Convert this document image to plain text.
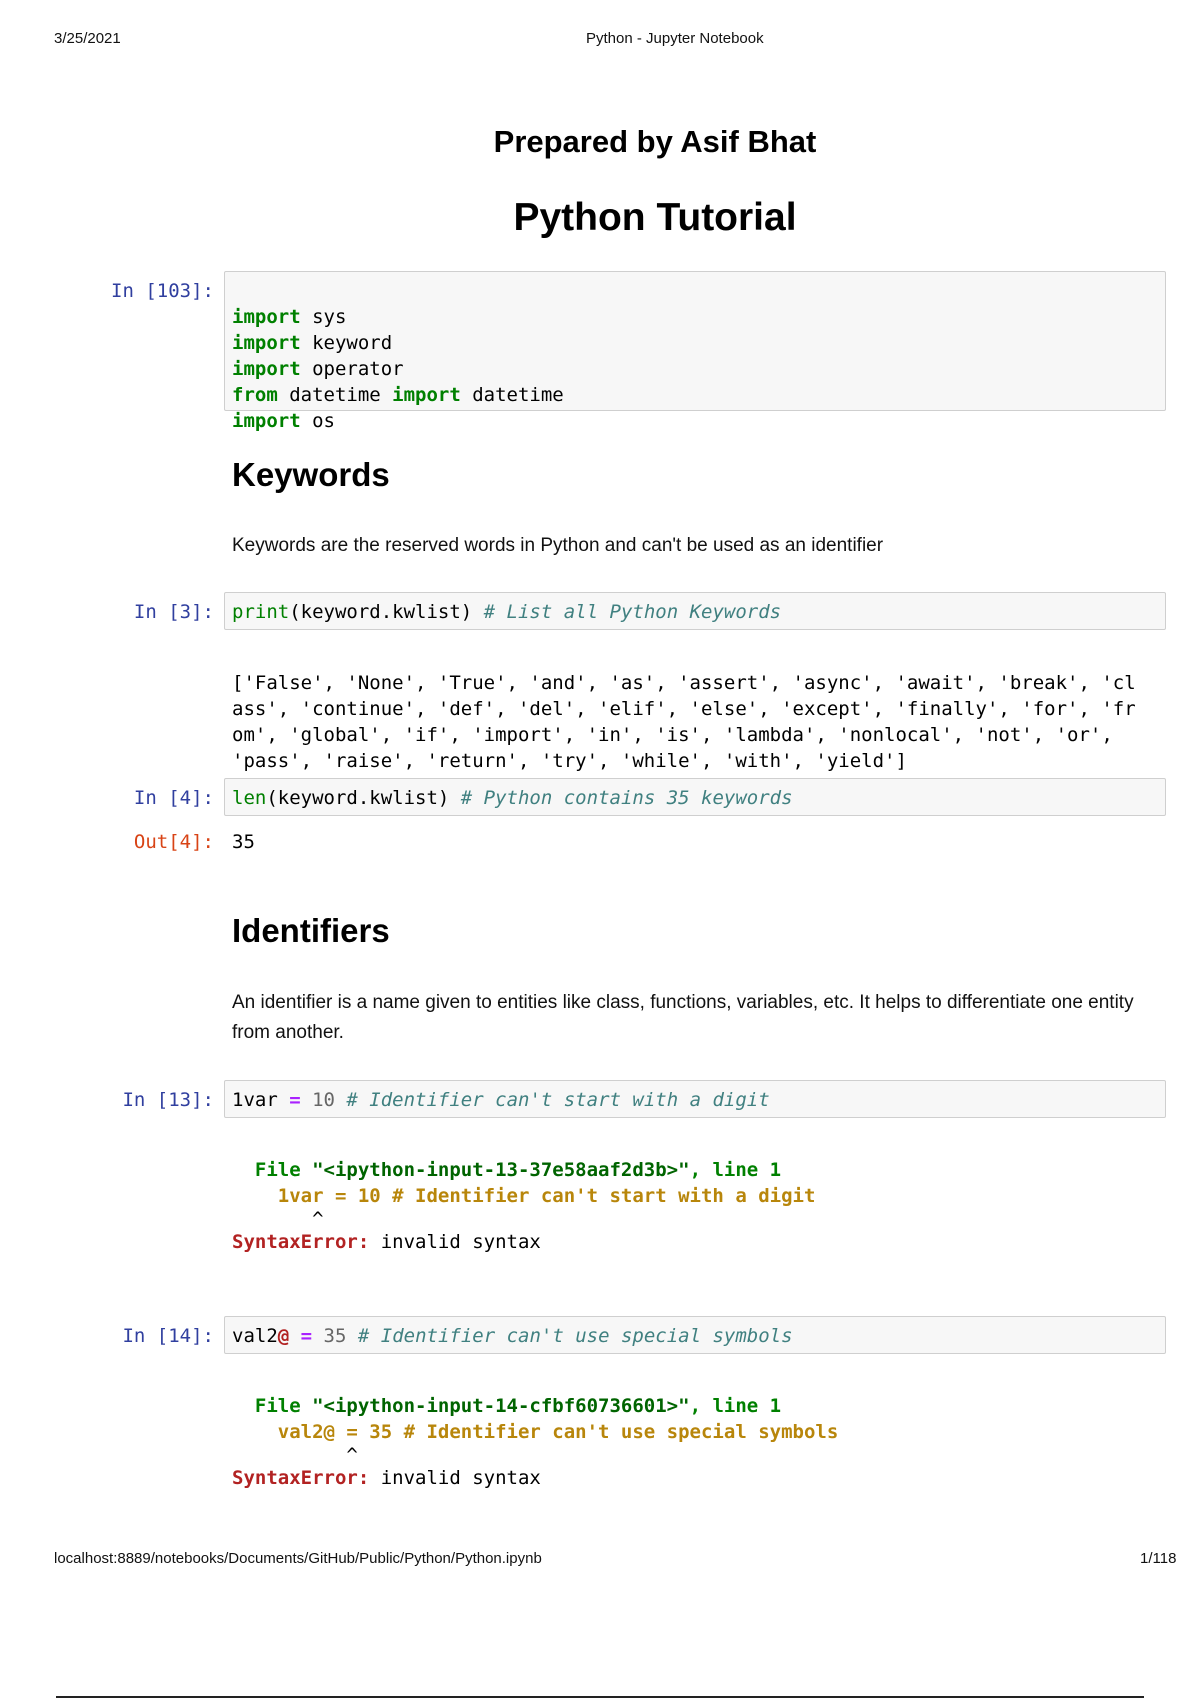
3/25/2021	Python - Jupyter Notebook
Prepared by Asif Bhat
Python Tutorial
In [103]:

import sys
import keyword
import operator
from datetime import datetime
import os

Keywords
Keywords are the reserved words in Python and can't be used as an identifier
In [3]: print(keyword.kwlist) # List all Python Keywords

['False', 'None', 'True', 'and', 'as', 'assert', 'async', 'await', 'break', 'cl
ass', 'continue', 'def', 'del', 'elif', 'else', 'except', 'finally', 'for', 'fr
om', 'global', 'if', 'import', 'in', 'is', 'lambda', 'nonlocal', 'not', 'or',
'pass', 'raise', 'return', 'try', 'while', 'with', 'yield']

In [4]: len(keyword.kwlist) # Python contains 35 keywords
Out[4]: 35
Identifiers
An identifier is a name given to entities like class, functions, variables, etc. It helps to differentiate one entity from another.
In [13]: 1var = 10 # Identifier can't start with a digit

File "<ipython-input-13-37e58aaf2d3b>", line 1
1var = 10 # Identifier can't start with a digit
^
SyntaxError: invalid syntax

In [14]: val2@ = 35 # Identifier can't use special symbols

File "<ipython-input-14-cfbf60736601>", line 1
val2@ = 35 # Identifier can't use special symbols
^
SyntaxError: invalid syntax

localhost:8889/notebooks/Documents/GitHub/Public/Python/Python.ipynb	1/118
